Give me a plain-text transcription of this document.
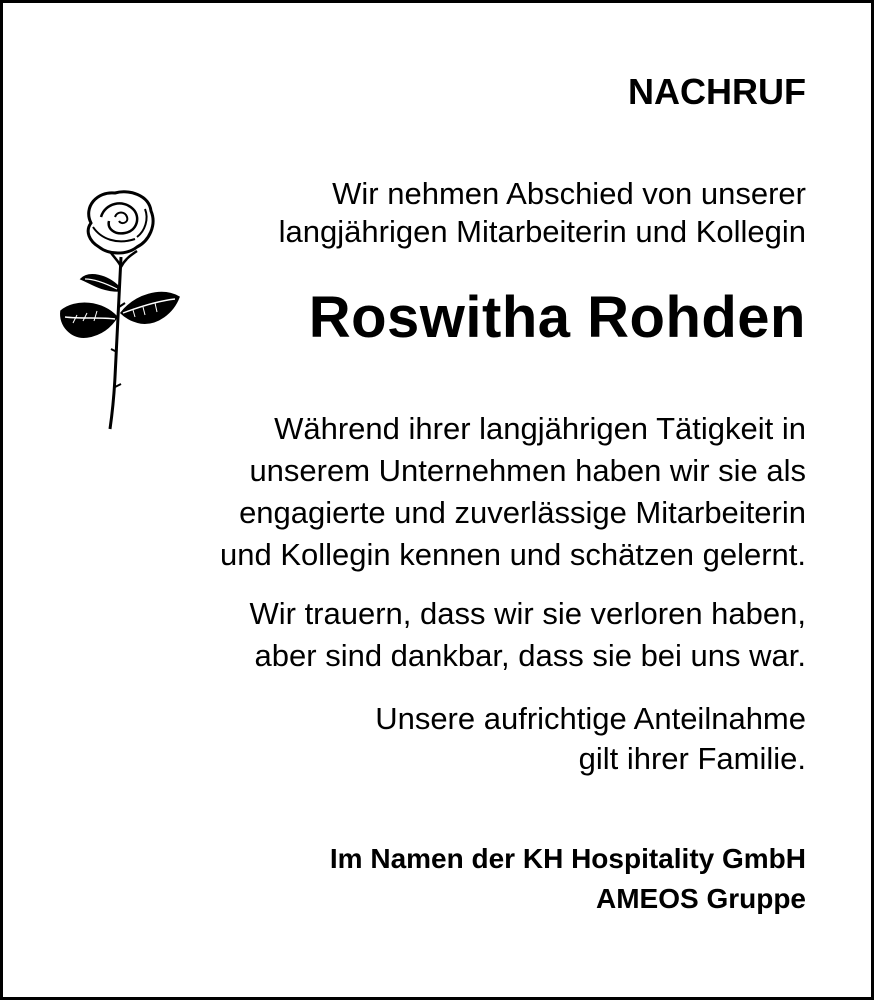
NACHRUF
Wir nehmen Abschied von unserer
langjährigen Mitarbeiterin und Kollegin
Roswitha Rohden
Während ihrer langjährigen Tätigkeit in
unserem Unternehmen haben wir sie als
engagierte und zuverlässige Mitarbeiterin
und Kollegin kennen und schätzen gelernt.
Wir trauern, dass wir sie verloren haben,
aber sind dankbar, dass sie bei uns war.
Unsere aufrichtige Anteilnahme
gilt ihrer Familie.
Im Namen der KH Hospitality GmbH
AMEOS Gruppe
